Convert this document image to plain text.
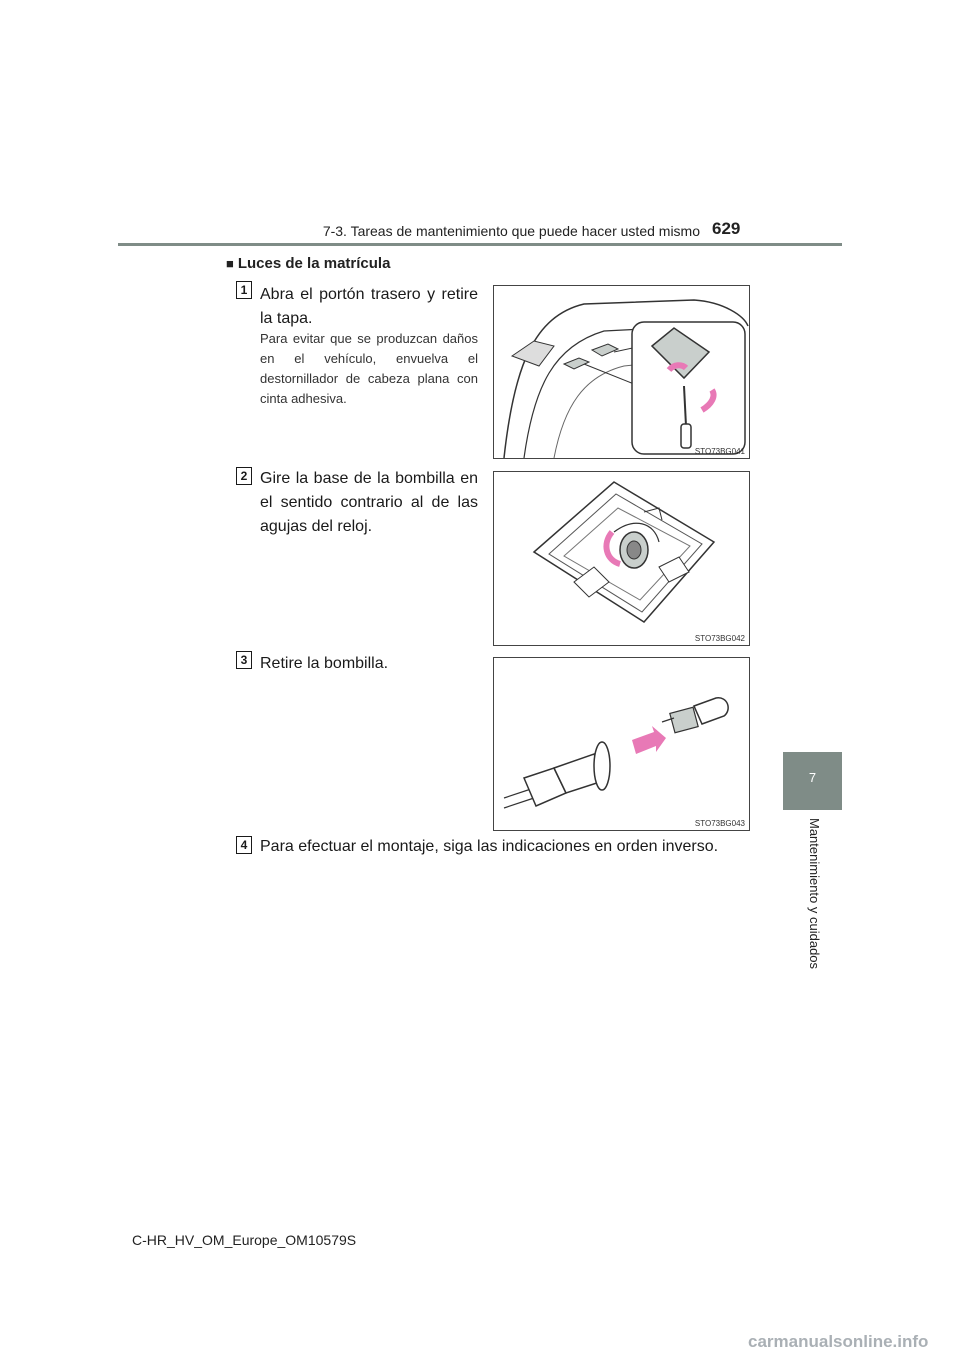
7-3. Tareas de mantenimiento que puede hacer usted mismo 629
7
Mantenimiento y cuidados
■ Luces de la matrícula
1 Abra el portón trasero y retire la tapa.
Para evitar que se produzcan daños en el vehículo, envuelva el destornillador de cabeza plana con cinta adhesiva.
STO73BG041
2 Gire la base de la bombilla en el sentido contrario al de las agujas del reloj.
STO73BG042
3 Retire la bombilla.
STO73BG043
4 Para efectuar el montaje, siga las indicaciones en orden inverso.
C-HR_HV_OM_Europe_OM10579S
carmanualsonline.info
